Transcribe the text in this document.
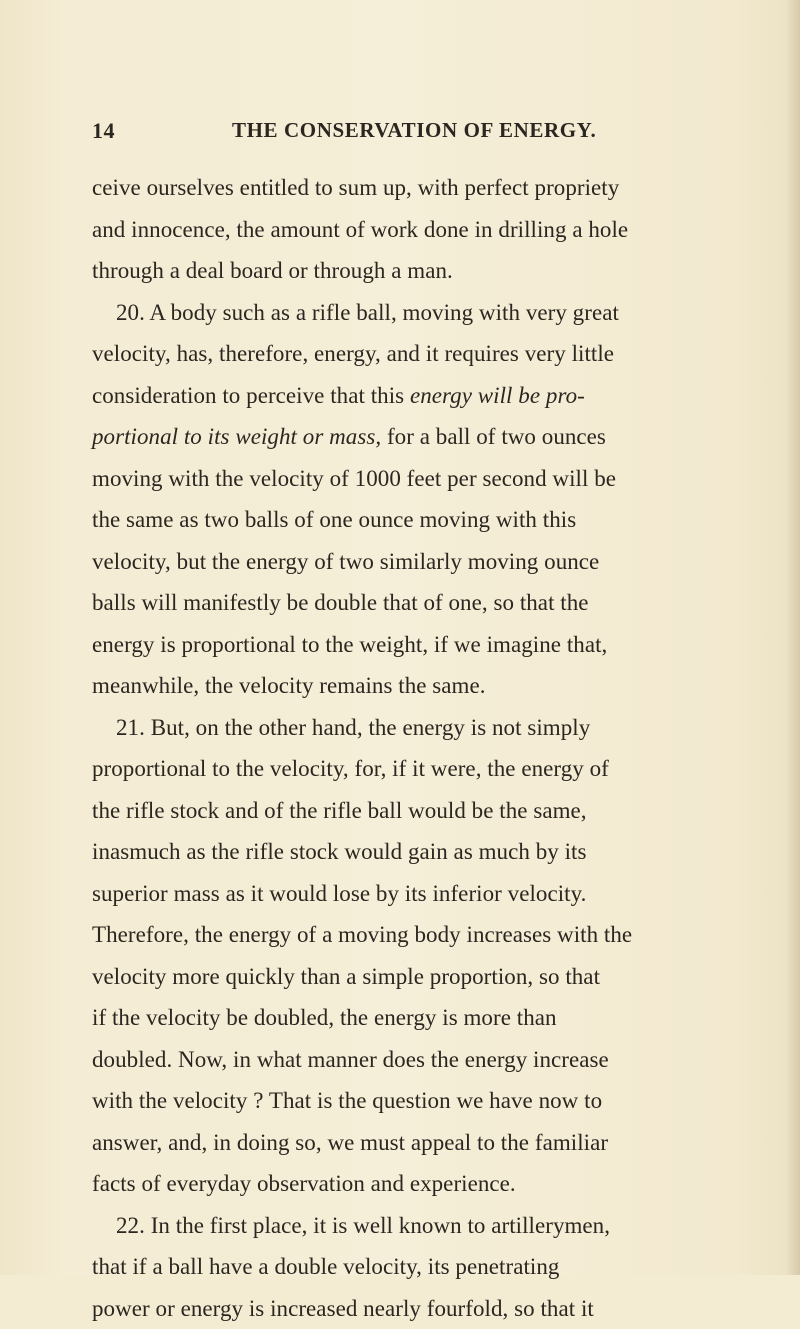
14	THE CONSERVATION OF ENERGY.
ceive ourselves entitled to sum up, with perfect propriety
and innocence, the amount of work done in drilling a hole
through a deal board or through a man.
20. A body such as a rifle ball, moving with very great
velocity, has, therefore, energy, and it requires very little
consideration to perceive that this energy will be pro-
portional to its weight or mass, for a ball of two ounces
moving with the velocity of 1000 feet per second will be
the same as two balls of one ounce moving with this
velocity, but the energy of two similarly moving ounce
balls will manifestly be double that of one, so that the
energy is proportional to the weight, if we imagine that,
meanwhile, the velocity remains the same.
21. But, on the other hand, the energy is not simply
proportional to the velocity, for, if it were, the energy of
the rifle stock and of the rifle ball would be the same,
inasmuch as the rifle stock would gain as much by its
superior mass as it would lose by its inferior velocity.
Therefore, the energy of a moving body increases with the
velocity more quickly than a simple proportion, so that
if the velocity be doubled, the energy is more than
doubled. Now, in what manner does the energy increase
with the velocity ? That is the question we have now to
answer, and, in doing so, we must appeal to the familiar
facts of everyday observation and experience.
22. In the first place, it is well known to artillerymen,
that if a ball have a double velocity, its penetrating
power or energy is increased nearly fourfold, so that it
